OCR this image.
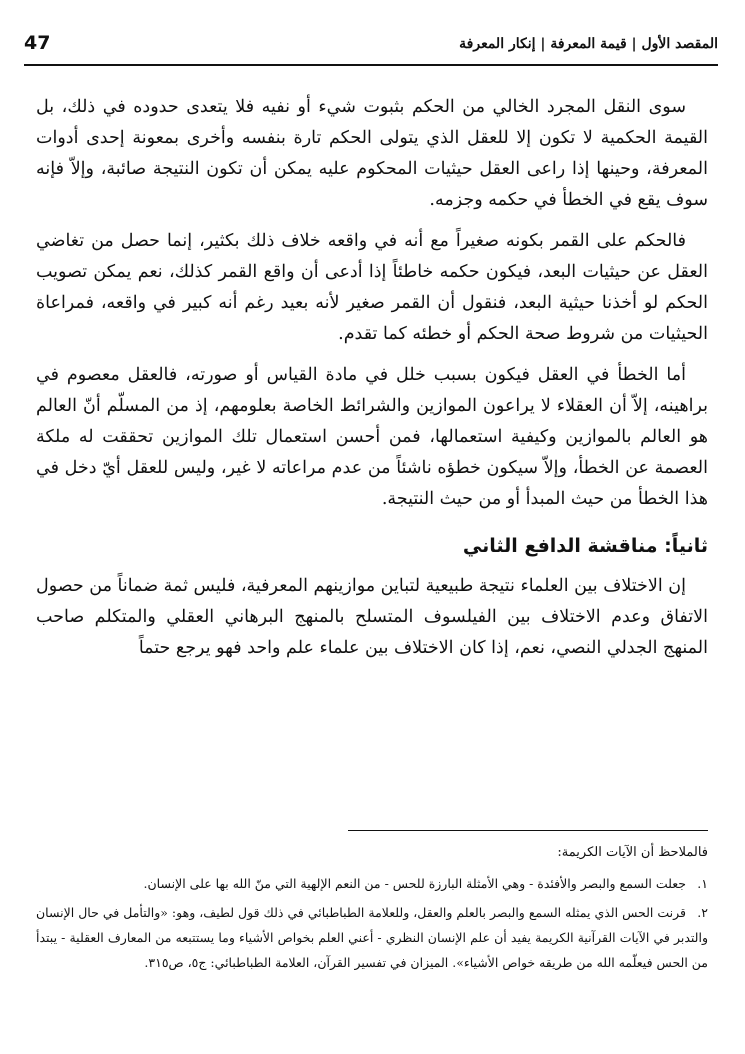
47	المقصد الأول | قيمة المعرفة | إنكار المعرفة

سوى النقل المجرد الخالي من الحكم بثبوت شيء أو نفيه فلا يتعدى حدوده في ذلك، بل القيمة الحكمية لا تكون إلا للعقل الذي يتولى الحكم تارة بنفسه وأخرى بمعونة إحدى أدوات المعرفة، وحينها إذا راعى العقل حيثيات المحكوم عليه يمكن أن تكون النتيجة صائبة، وإلاّ فإنه سوف يقع في الخطأ في حكمه وجزمه.

فالحكم على القمر بكونه صغيراً مع أنه في واقعه خلاف ذلك بكثير، إنما حصل من تغاضي العقل عن حيثيات البعد، فيكون حكمه خاطئاً إذا أدعى أن واقع القمر كذلك، نعم يمكن تصويب الحكم لو أخذنا حيثية البعد، فنقول أن القمر صغير لأنه بعيد رغم أنه كبير في واقعه، فمراعاة الحيثيات من شروط صحة الحكم أو خطئه كما تقدم.

أما الخطأ في العقل فيكون بسبب خلل في مادة القياس أو صورته، فالعقل معصوم في براهينه، إلاّ أن العقلاء لا يراعون الموازين والشرائط الخاصة بعلومهم، إذ من المسلّم أنّ العالم هو العالم بالموازين وكيفية استعمالها، فمن أحسن استعمال تلك الموازين تحققت له ملكة العصمة عن الخطأ، وإلاّ سيكون خطؤه ناشئاً من عدم مراعاته لا غير، وليس للعقل أيّ دخل في هذا الخطأ من حيث المبدأ أو من حيث النتيجة.

ثانياً: مناقشة الدافع الثاني

إن الاختلاف بين العلماء نتيجة طبيعية لتباين موازينهم المعرفية، فليس ثمة ضماناً من حصول الاتفاق وعدم الاختلاف بين الفيلسوف المتسلح بالمنهج البرهاني العقلي والمتكلم صاحب المنهج الجدلي النصي، نعم، إذا كان الاختلاف بين علماء علم واحد فهو يرجع حتماً

فالملاحظ أن الآيات الكريمة:

١. جعلت السمع والبصر والأفئدة - وهي الأمثلة البارزة للحس - من النعم الإلهية التي منّ الله بها على الإنسان.

٢. قرنت الحس الذي يمثله السمع والبصر بالعلم والعقل، وللعلامة الطباطبائي في ذلك قول لطيف، وهو: «والتأمل في حال الإنسان والتدبر في الآيات القرآنية الكريمة يفيد أن علم الإنسان النظري - أعني العلم بخواص الأشياء وما يستتبعه من المعارف العقلية - يبتدأ من الحس فيعلّمه الله من طريقه خواص الأشياء». الميزان في تفسير القرآن، العلامة الطباطبائي: ج٥، ص٣١٥.
